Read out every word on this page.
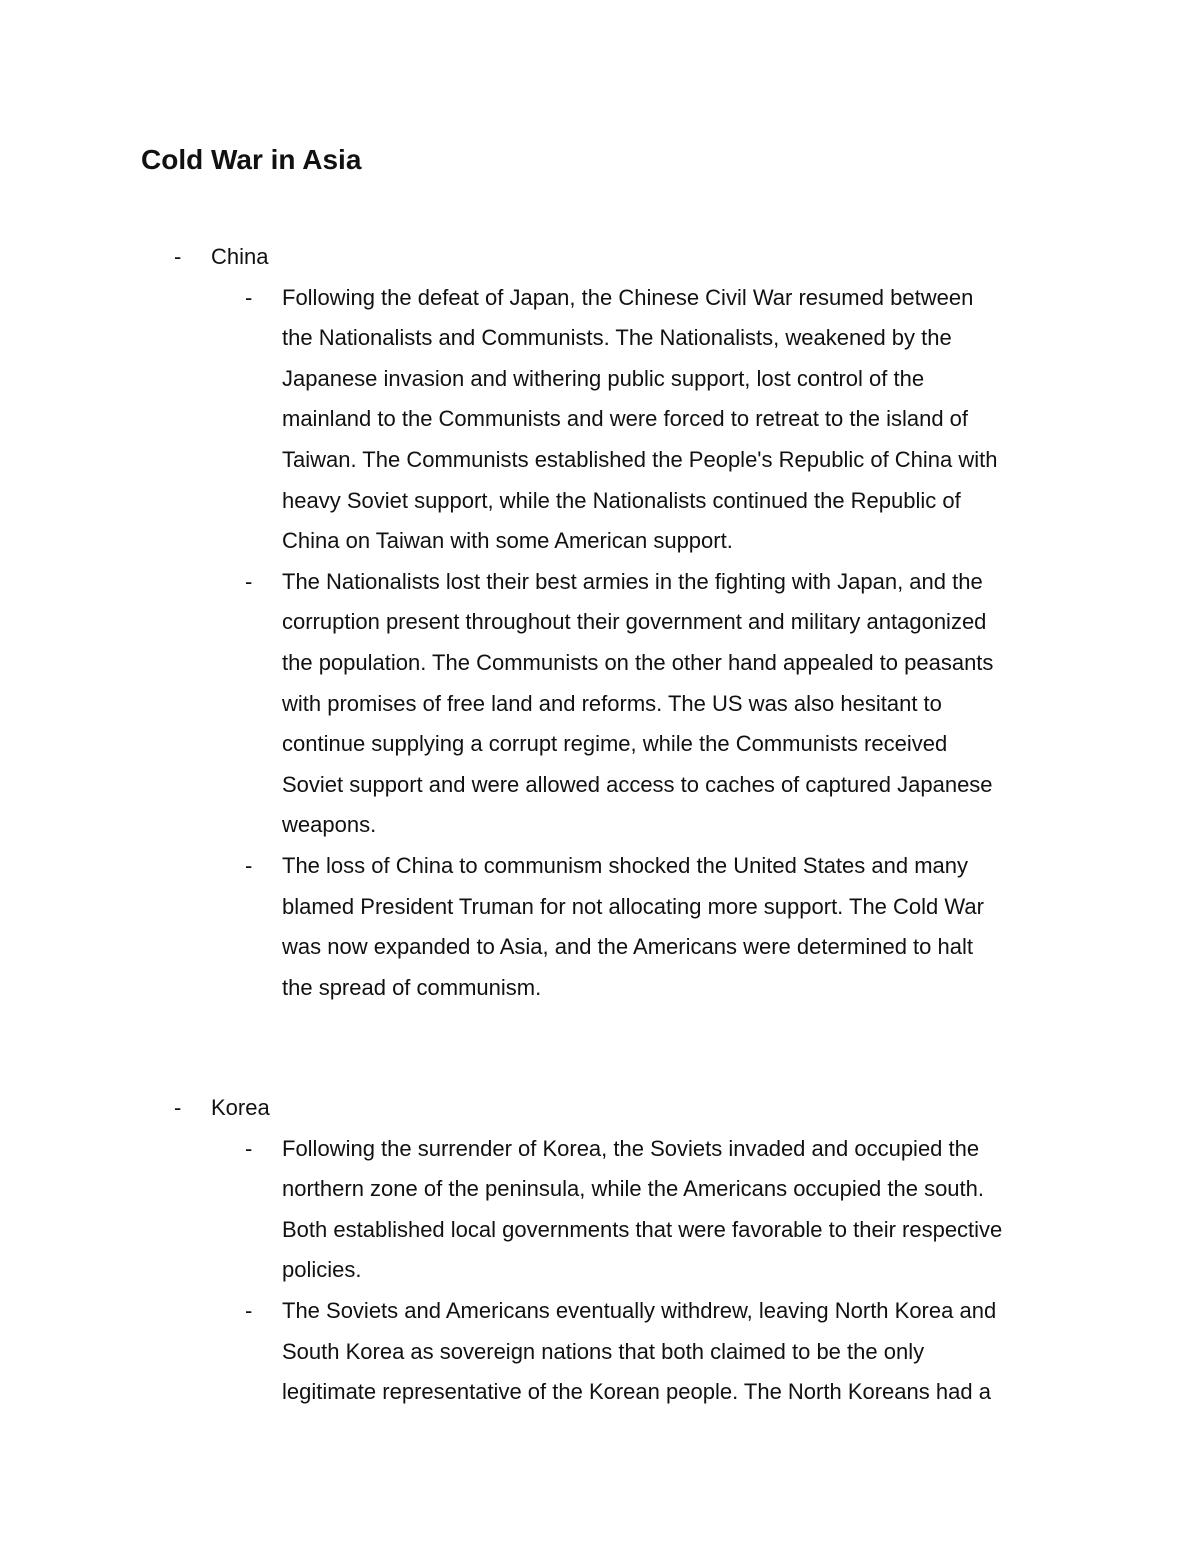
Cold War in Asia
- China
- Following the defeat of Japan, the Chinese Civil War resumed between
the Nationalists and Communists. The Nationalists, weakened by the
Japanese invasion and withering public support, lost control of the
mainland to the Communists and were forced to retreat to the island of
Taiwan. The Communists established the People's Republic of China with
heavy Soviet support, while the Nationalists continued the Republic of
China on Taiwan with some American support.

- The Nationalists lost their best armies in the fighting with Japan, and the
corruption present throughout their government and military antagonized
the population. The Communists on the other hand appealed to peasants
with promises of free land and reforms. The US was also hesitant to
continue supplying a corrupt regime, while the Communists received
Soviet support and were allowed access to caches of captured Japanese
weapons.

- The loss of China to communism shocked the United States and many
blamed President Truman for not allocating more support. The Cold War
was now expanded to Asia, and the Americans were determined to halt
the spread of communism.

- Korea
- Following the surrender of Korea, the Soviets invaded and occupied the
northern zone of the peninsula, while the Americans occupied the south.
Both established local governments that were favorable to their respective
policies.

- The Soviets and Americans eventually withdrew, leaving North Korea and
South Korea as sovereign nations that both claimed to be the only
legitimate representative of the Korean people. The North Koreans had a
